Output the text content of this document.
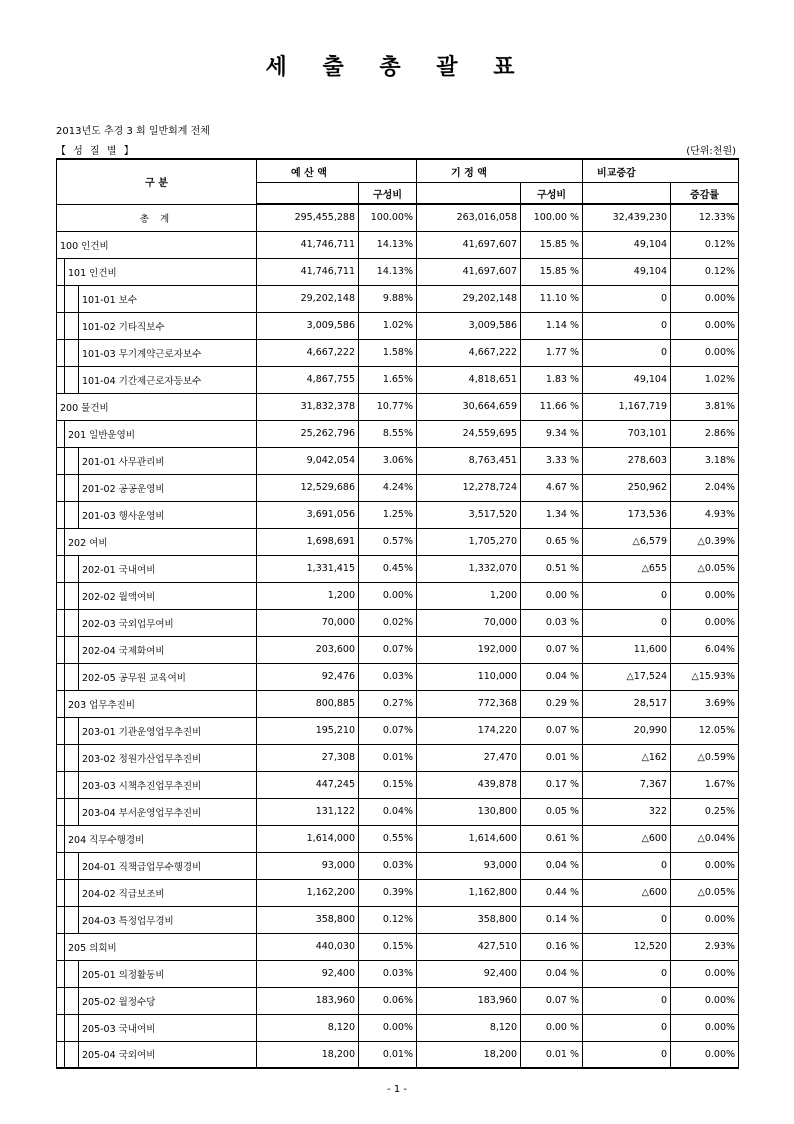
세 출 총 괄 표
2013년도 추경 3 회 일반회계 전체
【 성 질 별 】	(단위:천원)
구 분			예 산 액		기 정 액		비교증감	
				구성비		구성비		증감률
총 계			295,455,288	100.00%	263,016,058	100.00 %	32,439,230	12.33%
100 인건비			41,746,711	14.13%	41,697,607	15.85 %	49,104	0.12%
	101 인건비		41,746,711	14.13%	41,697,607	15.85 %	49,104	0.12%
		101-01 보수	29,202,148	9.88%	29,202,148	11.10 %	0	0.00%
		101-02 기타직보수	3,009,586	1.02%	3,009,586	1.14 %	0	0.00%
		101-03 무기계약근로자보수	4,667,222	1.58%	4,667,222	1.77 %	0	0.00%
		101-04 기간제근로자등보수	4,867,755	1.65%	4,818,651	1.83 %	49,104	1.02%
200 물건비			31,832,378	10.77%	30,664,659	11.66 %	1,167,719	3.81%
	201 일반운영비		25,262,796	8.55%	24,559,695	9.34 %	703,101	2.86%
		201-01 사무관리비	9,042,054	3.06%	8,763,451	3.33 %	278,603	3.18%
		201-02 공공운영비	12,529,686	4.24%	12,278,724	4.67 %	250,962	2.04%
		201-03 행사운영비	3,691,056	1.25%	3,517,520	1.34 %	173,536	4.93%
	202 여비		1,698,691	0.57%	1,705,270	0.65 %	△6,579	△0.39%
		202-01 국내여비	1,331,415	0.45%	1,332,070	0.51 %	△655	△0.05%
		202-02 월액여비	1,200	0.00%	1,200	0.00 %	0	0.00%
		202-03 국외업무여비	70,000	0.02%	70,000	0.03 %	0	0.00%
		202-04 국제화여비	203,600	0.07%	192,000	0.07 %	11,600	6.04%
		202-05 공무원 교육여비	92,476	0.03%	110,000	0.04 %	△17,524	△15.93%
	203 업무추진비		800,885	0.27%	772,368	0.29 %	28,517	3.69%
		203-01 기관운영업무추진비	195,210	0.07%	174,220	0.07 %	20,990	12.05%
		203-02 정원가산업무추진비	27,308	0.01%	27,470	0.01 %	△162	△0.59%
		203-03 시책추진업무추진비	447,245	0.15%	439,878	0.17 %	7,367	1.67%
		203-04 부서운영업무추진비	131,122	0.04%	130,800	0.05 %	322	0.25%
	204 직무수행경비		1,614,000	0.55%	1,614,600	0.61 %	△600	△0.04%
		204-01 직책급업무수행경비	93,000	0.03%	93,000	0.04 %	0	0.00%
		204-02 직급보조비	1,162,200	0.39%	1,162,800	0.44 %	△600	△0.05%
		204-03 특정업무경비	358,800	0.12%	358,800	0.14 %	0	0.00%
	205 의회비		440,030	0.15%	427,510	0.16 %	12,520	2.93%
		205-01 의정활동비	92,400	0.03%	92,400	0.04 %	0	0.00%
		205-02 월정수당	183,960	0.06%	183,960	0.07 %	0	0.00%
		205-03 국내여비	8,120	0.00%	8,120	0.00 %	0	0.00%
		205-04 국외여비	18,200	0.01%	18,200	0.01 %	0	0.00%
- 1 -
